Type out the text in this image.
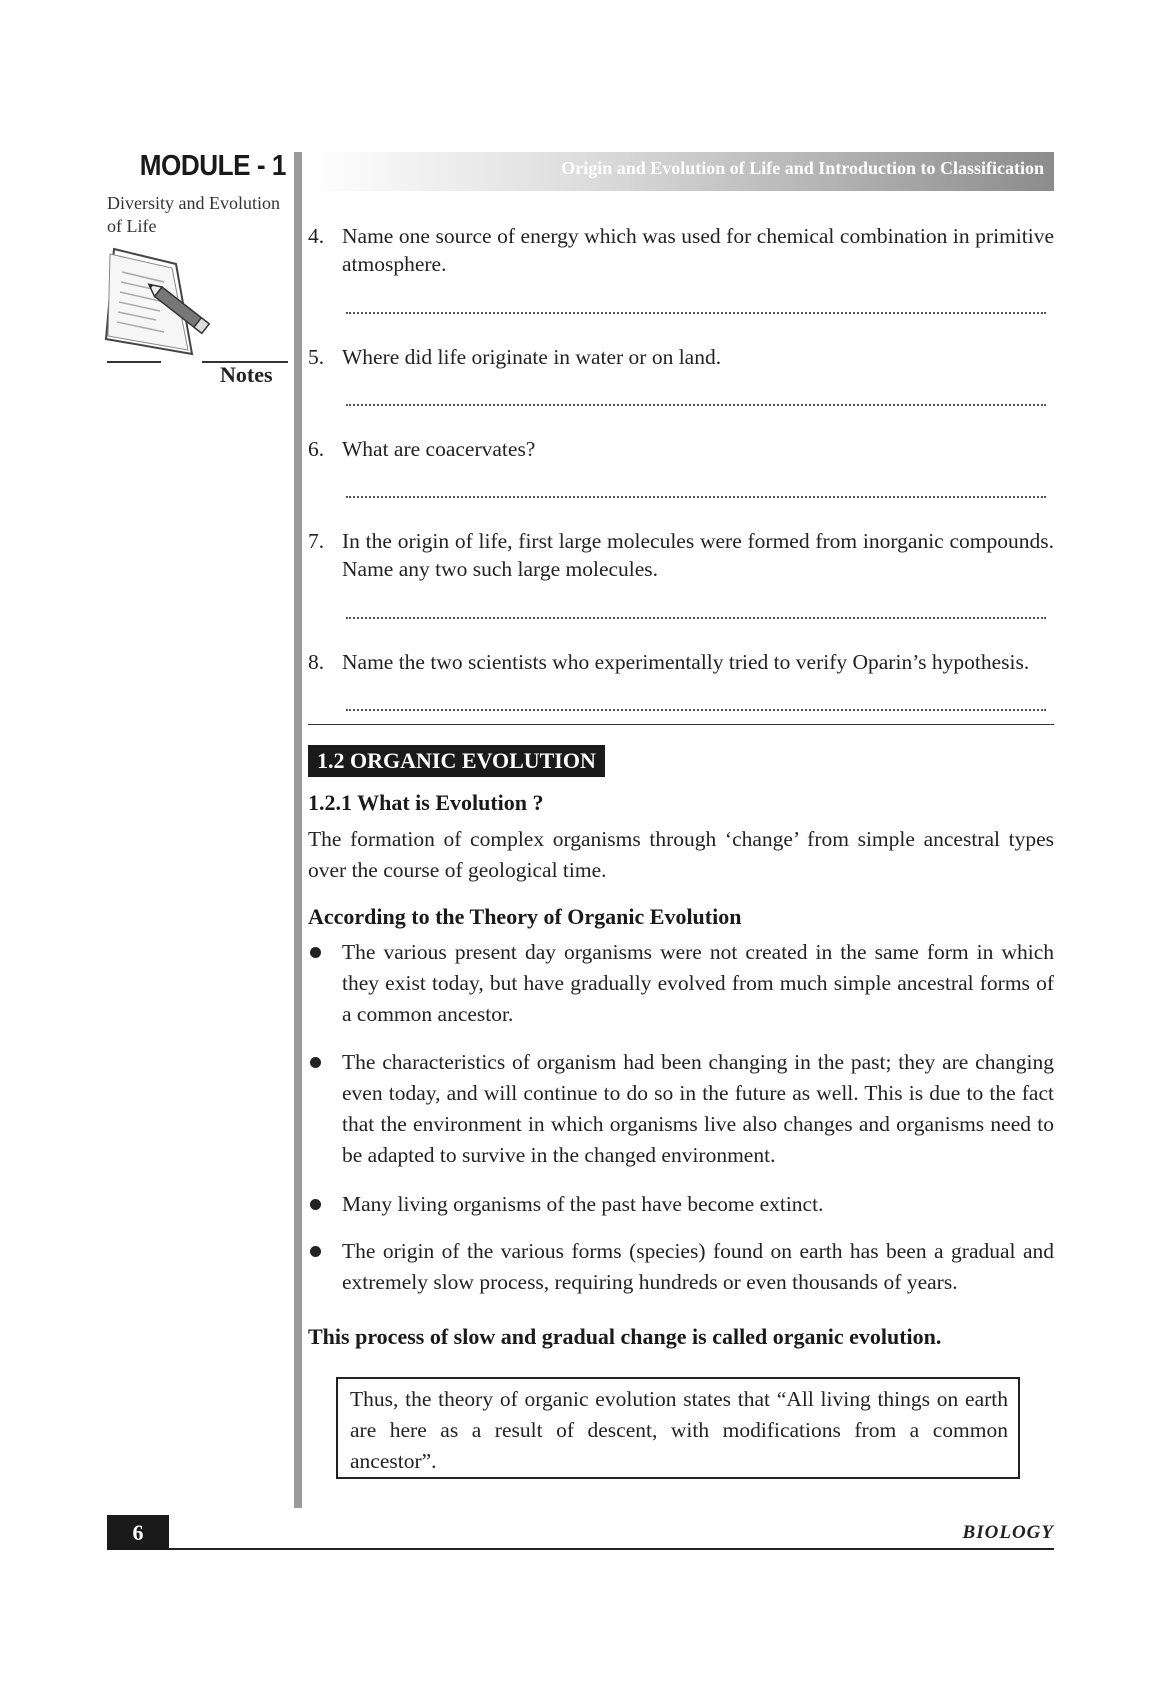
MODULE - 1
Diversity and Evolution
of Life
Notes
Origin and Evolution of Life and Introduction to Classification
4. Name one source of energy which was used for chemical combination in primitive atmosphere.
5. Where did life originate in water or on land.
6. What are coacervates?
7. In the origin of life, first large molecules were formed from inorganic compounds. Name any two such large molecules.
8. Name the two scientists who experimentally tried to verify Oparin’s hypothesis.
1.2 ORGANIC EVOLUTION
1.2.1 What is Evolution ?
The formation of complex organisms through ‘change’ from simple ancestral types over the course of geological time.
According to the Theory of Organic Evolution
The various present day organisms were not created in the same form in which they exist today, but have gradually evolved from much simple ancestral forms of a common ancestor.
The characteristics of organism had been changing in the past; they are changing even today, and will continue to do so in the future as well. This is due to the fact that the environment in which organisms live also changes and organisms need to be adapted to survive in the changed environment.
Many living organisms of the past have become extinct.
The origin of the various forms (species) found on earth has been a gradual and extremely slow process, requiring hundreds or even thousands of years.
This process of slow and gradual change is called organic evolution.
Thus, the theory of organic evolution states that “All living things on earth are here as a result of descent, with modifications from a common ancestor”.
6	BIOLOGY
